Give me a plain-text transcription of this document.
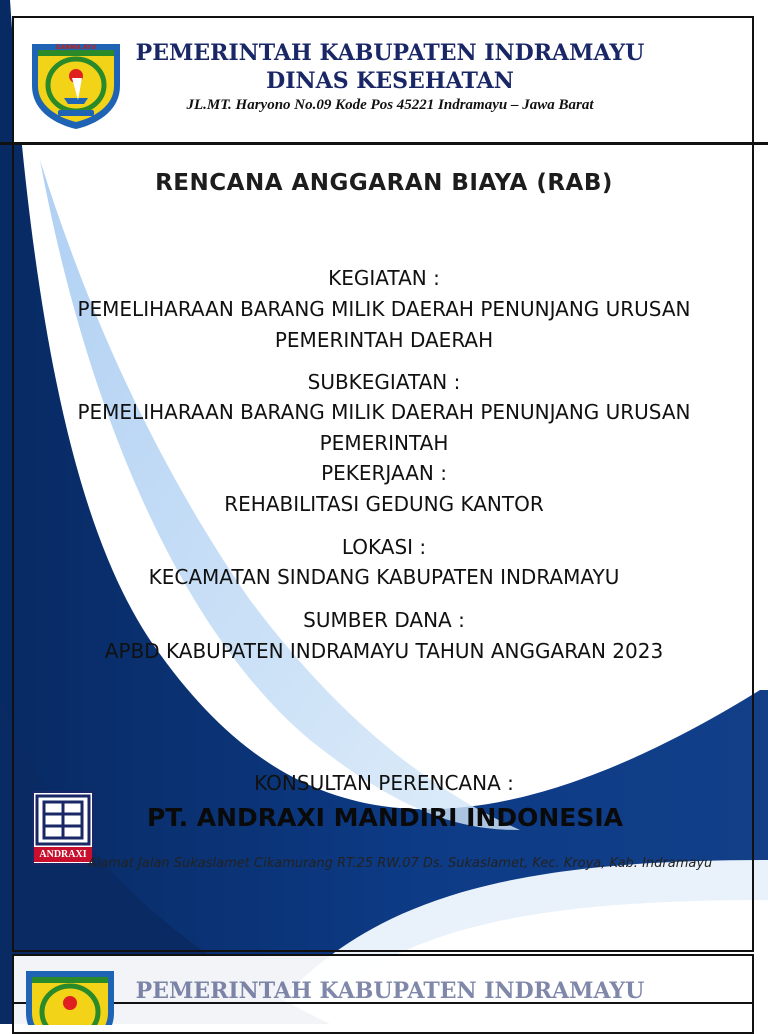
DARMA AYU	PEMERINTAH KABUPATEN INDRAMAYU
DINAS KESEHATAN
JL.MT. Haryono No.09 Kode Pos 45221 Indramayu – Jawa Barat
RENCANA ANGGARAN BIAYA (RAB)
KEGIATAN :
PEMELIHARAAN BARANG MILIK DAERAH PENUNJANG URUSAN
PEMERINTAH DAERAH
SUBKEGIATAN :
PEMELIHARAAN BARANG MILIK DAERAH PENUNJANG URUSAN
PEMERINTAH
PEKERJAAN :
REHABILITASI GEDUNG KANTOR
LOKASI :
KECAMATAN SINDANG KABUPATEN INDRAMAYU
SUMBER DANA :
APBD KABUPATEN INDRAMAYU TAHUN ANGGARAN 2023
KONSULTAN PERENCANA :
ANDRAXI
PT. ANDRAXI MANDIRI INDONESIA
Alamat Jalan Sukaslamet Cikamurang RT.25 RW.07 Ds. Sukaslamet, Kec. Kroya, Kab. Indramayu
PEMERINTAH KABUPATEN INDRAMAYU
